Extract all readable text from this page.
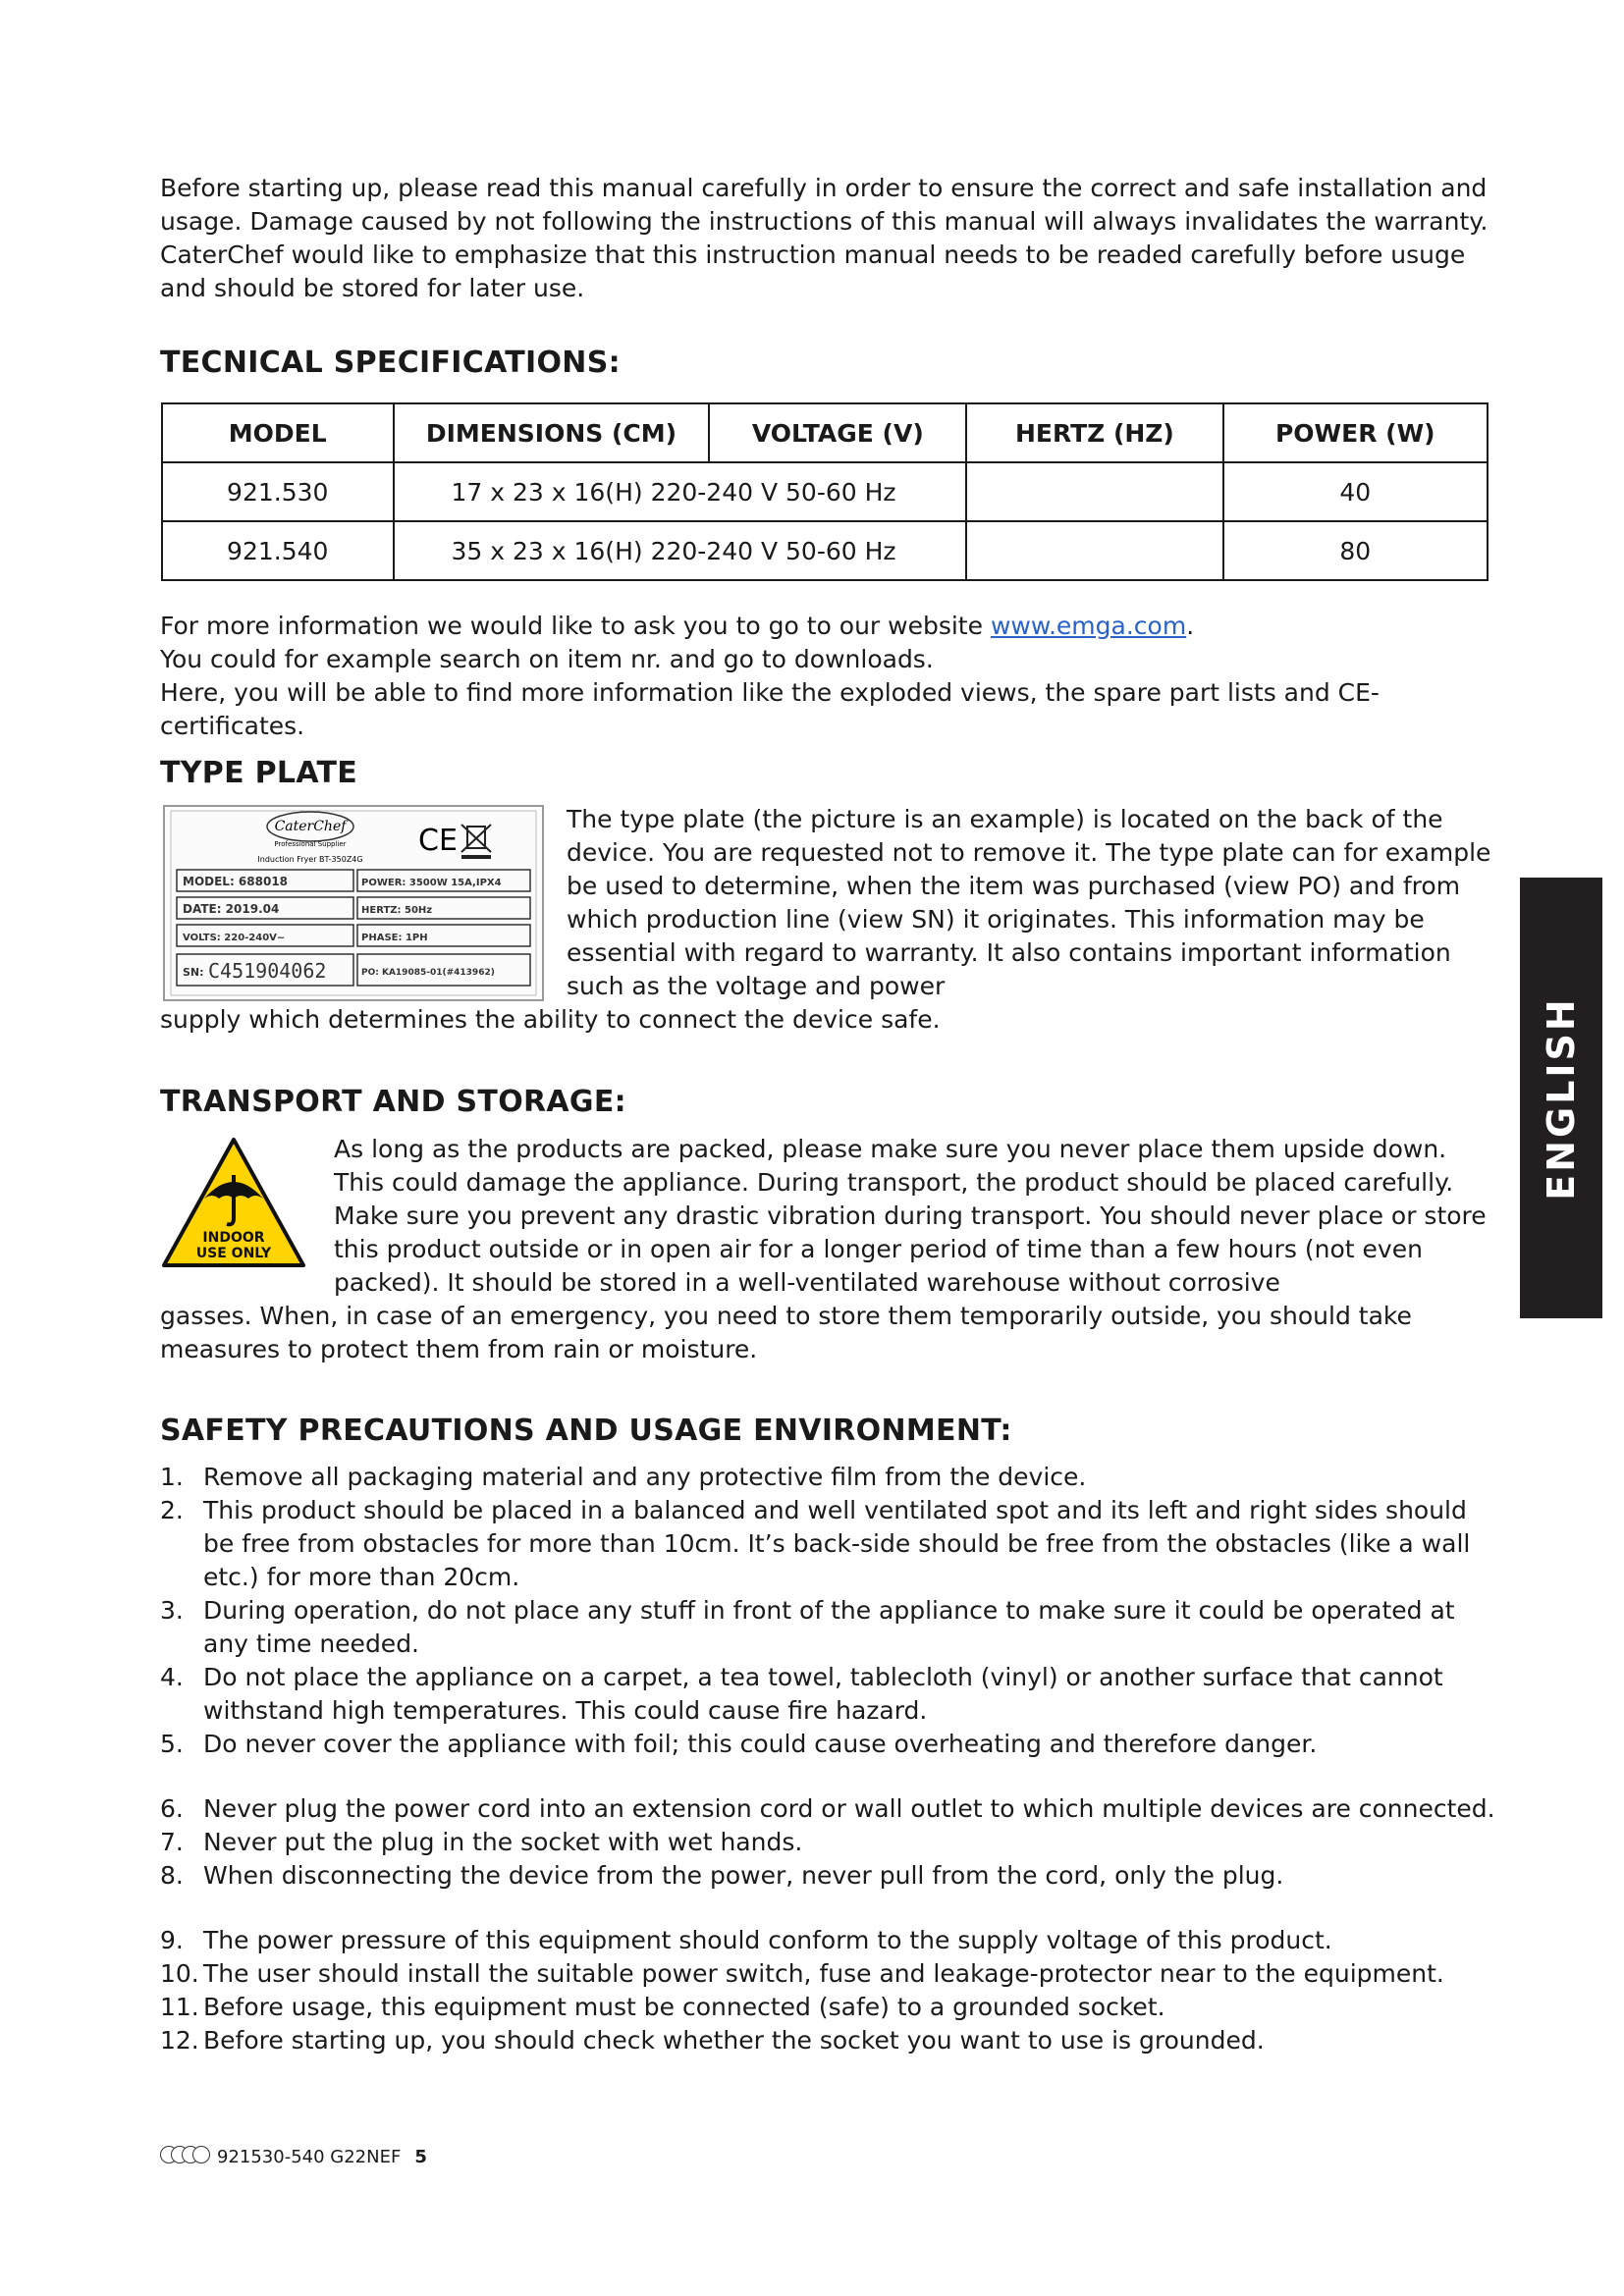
Before starting up, please read this manual carefully in order to ensure the correct and safe installation and usage. Damage caused by not following the instructions of this manual will always invalidates the warranty. CaterChef would like to emphasize that this instruction manual needs to be readed carefully before usuge and should be stored for later use.

TECNICAL SPECIFICATIONS:
MODEL	DIMENSIONS (CM)	VOLTAGE (V)	HERTZ (HZ)	POWER (W)
921.530	17 x 23 x 16(H) 220-240 V 50-60 Hz			40
921.540	35 x 23 x 16(H) 220-240 V 50-60 Hz			80

For more information we would like to ask you to go to our website www.emga.com.

You could for example search on item nr. and go to downloads.

Here, you will be able to find more information like the exploded views, the spare part lists and CE-certificates.

TYPE PLATE
CaterChef
Professional Supplier
Induction Fryer BT-350Z4G
CE
MODEL: 688018	POWER: 3500W 15A,IPX4
DATE: 2019.04	HERTZ: 50Hz
VOLTS: 220-240V~	PHASE: 1PH
SN: C451904062	PO: KA19085-01(#413962)

The type plate (the picture is an example) is located on the back of the device. You are requested not to remove it. The type plate can for example be used to determine, when the item was purchased (view PO) and from which production line (view SN) it originates. This information may be essential with regard to warranty. It also contains important information such as the voltage and power

supply which determines the ability to connect the device safe.

TRANSPORT AND STORAGE:
INDOOR
USE ONLY

As long as the products are packed, please make sure you never place them upside down. This could damage the appliance. During transport, the product should be placed carefully. Make sure you prevent any drastic vibration during transport. You should never place or store this product outside or in open air for a longer period of time than a few hours (not even packed). It should be stored in a well-ventilated warehouse without corrosive

gasses. When, in case of an emergency, you need to store them temporarily outside, you should take measures to protect them from rain or moisture.

SAFETY PRECAUTIONS AND USAGE ENVIRONMENT:
1. Remove all packaging material and any protective film from the device.
2. This product should be placed in a balanced and well ventilated spot and its left and right sides should be free from obstacles for more than 10cm. It’s back-side should be free from the obstacles (like a wall etc.) for more than 20cm.
3. During operation, do not place any stuff in front of the appliance to make sure it could be operated at any time needed.
4. Do not place the appliance on a carpet, a tea towel, tablecloth (vinyl) or another surface that cannot withstand high temperatures. This could cause fire hazard.
5. Do never cover the appliance with foil; this could cause overheating and therefore danger.
6. Never plug the power cord into an extension cord or wall outlet to which multiple devices are connected.
7. Never put the plug in the socket with wet hands.
8. When disconnecting the device from the power, never pull from the cord, only the plug.
9. The power pressure of this equipment should conform to the supply voltage of this product.
10. The user should install the suitable power switch, fuse and leakage-protector near to the equipment.
11. Before usage, this equipment must be connected (safe) to a grounded socket.
12. Before starting up, you should check whether the socket you want to use is grounded.
921530-540 G22NEF 5
ENGLISH
